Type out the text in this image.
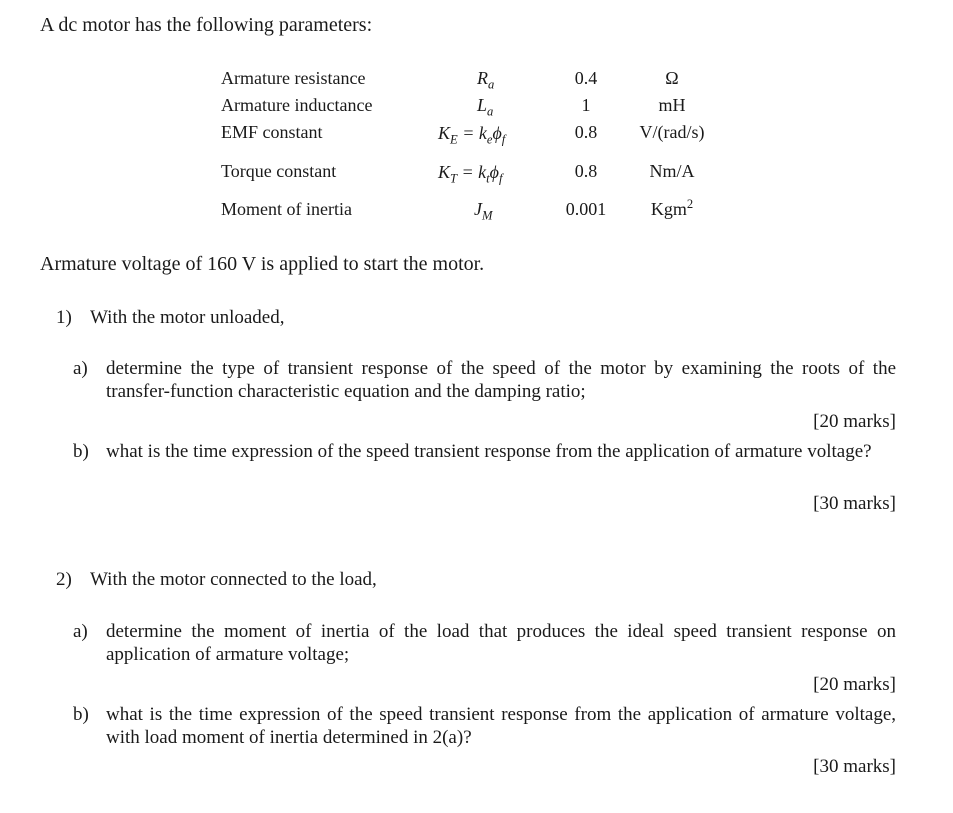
A dc motor has the following parameters:
Armature resistance	$R_a$	0.4	Ω
Armature inductance	$L_a$	1	mH
EMF constant	$K_E = k_e\phi_f$	0.8	V/(rad/s)
Torque constant	$K_T = k_t\phi_f$	0.8	Nm/A
Moment of inertia	$J_M$	0.001	Kgm$^2$
Armature voltage of 160 V is applied to start the motor.
1) With the motor unloaded,
a) determine the type of transient response of the speed of the motor by examining the roots of the transfer-function characteristic equation and the damping ratio;
[20 marks]
b) what is the time expression of the speed transient response from the application of armature voltage?
[30 marks]
2) With the motor connected to the load,
a) determine the moment of inertia of the load that produces the ideal speed transient response on application of armature voltage;
[20 marks]
b) what is the time expression of the speed transient response from the application of armature voltage, with load moment of inertia determined in 2(a)?
[30 marks]
